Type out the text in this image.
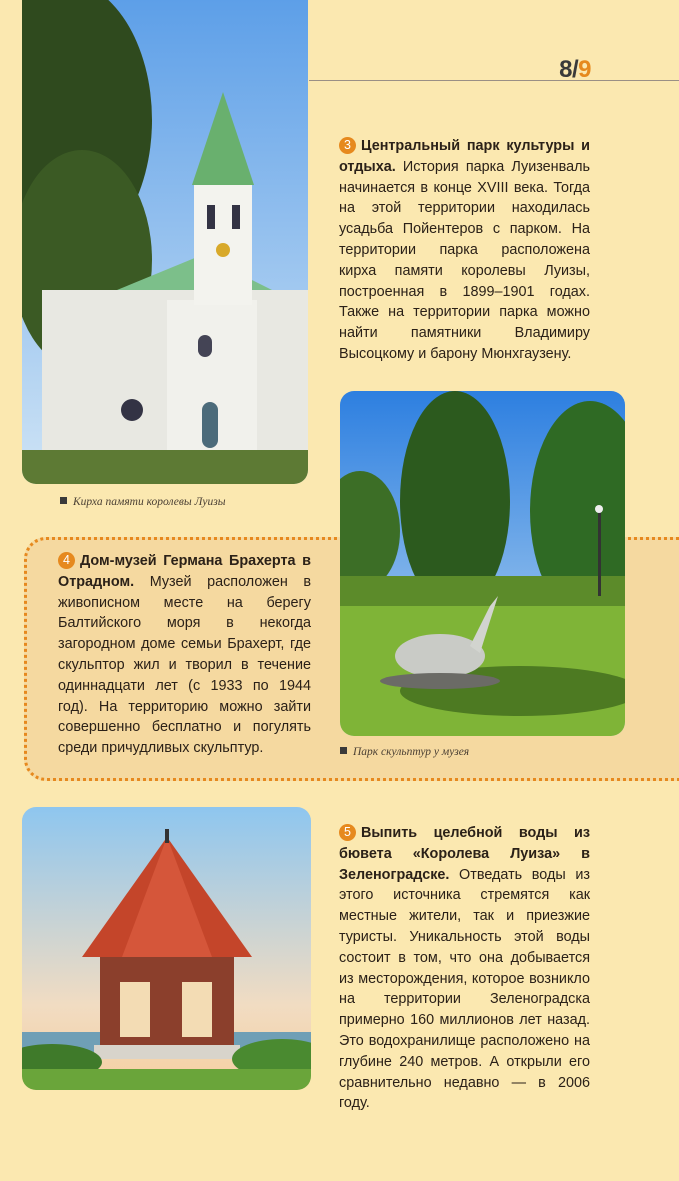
8/9
Кирха памяти королевы Луизы
3 Центральный парк культуры и отдыха. История парка Луизенваль начинается в конце XVIII века. Тогда на этой территории находилась усадьба Пойентеров с парком. На территории парка расположена кирха памяти королевы Луизы, построенная в 1899–1901 годах. Также на территории парка можно найти памятники Владимиру Высоцкому и барону Мюнхгаузену.
Парк скульптур у музея
4 Дом-музей Германа Брахерта в Отрадном. Музей расположен в живописном месте на берегу Балтийского моря в некогда загородном доме семьи Брахерт, где скульптор жил и творил в течение одиннадцати лет (с 1933 по 1944 год). На территорию можно зайти совершенно бесплатно и погулять среди причудливых скульптур.
5 Выпить целебной воды из бювета «Королева Луиза» в Зеленоградске. Отведать воды из этого источника стремятся как местные жители, так и приезжие туристы. Уникальность этой воды состоит в том, что она добывается из месторождения, которое возникло на территории Зеленоградска примерно 160 миллионов лет назад. Это водохранилище расположено на глубине 240 метров. А открыли его сравнительно недавно — в 2006 году.
